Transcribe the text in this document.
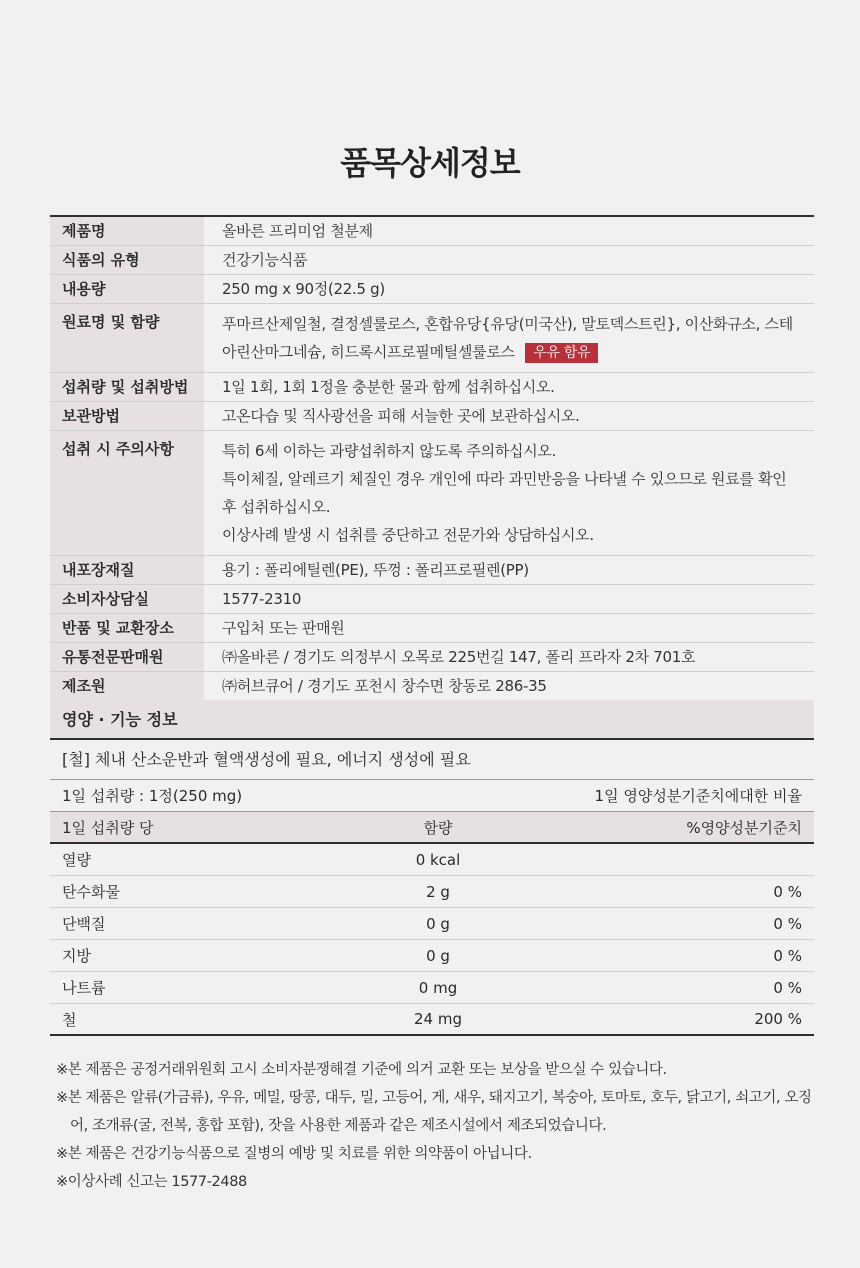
품목상세정보
제품명	올바른 프리미엄 철분제
식품의 유형	건강기능식품
내용량	250 mg x 90정(22.5 g)
원료명 및 함량	푸마르산제일철, 결정셀룰로스, 혼합유당{유당(미국산), 말토덱스트린}, 이산화규소, 스테아린산마그네슘, 히드록시프로필메틸셀룰로스 우유 함유
섭취량 및 섭취방법	1일 1회, 1회 1정을 충분한 물과 함께 섭취하십시오.
보관방법	고온다습 및 직사광선을 피해 서늘한 곳에 보관하십시오.
섭취 시 주의사항	특히 6세 이하는 과량섭취하지 않도록 주의하십시오.
특이체질, 알레르기 체질인 경우 개인에 따라 과민반응을 나타낼 수 있으므로 원료를 확인 후 섭취하십시오.
이상사례 발생 시 섭취를 중단하고 전문가와 상담하십시오.
내포장재질	용기 : 폴리에틸렌(PE), 뚜껑 : 폴리프로필렌(PP)
소비자상담실	1577-2310
반품 및 교환장소	구입처 또는 판매원
유통전문판매원	㈜올바른 / 경기도 의정부시 오목로 225번길 147, 폴리 프라자 2차 701호
제조원	㈜허브큐어 / 경기도 포천시 창수면 창동로 286-35
영양 · 기능 정보
[철] 체내 산소운반과 혈액생성에 필요, 에너지 생성에 필요
1일 섭취량 : 1정(250 mg)	1일 영양성분기준치에대한 비율
1일 섭취량 당	함량	%영양성분기준치
열량	0 kcal
탄수화물	2 g	0 %
단백질	0 g	0 %
지방	0 g	0 %
나트륨	0 mg	0 %
철	24 mg	200 %
※본 제품은 공정거래위원회 고시 소비자분쟁해결 기준에 의거 교환 또는 보상을 받으실 수 있습니다.
※본 제품은 알류(가금류), 우유, 메밀, 땅콩, 대두, 밀, 고등어, 게, 새우, 돼지고기, 복숭아, 토마토, 호두, 닭고기, 쇠고기, 오징어, 조개류(굴, 전복, 홍합 포함), 잣을 사용한 제품과 같은 제조시설에서 제조되었습니다.
※본 제품은 건강기능식품으로 질병의 예방 및 치료를 위한 의약품이 아닙니다.
※이상사례 신고는 1577-2488
